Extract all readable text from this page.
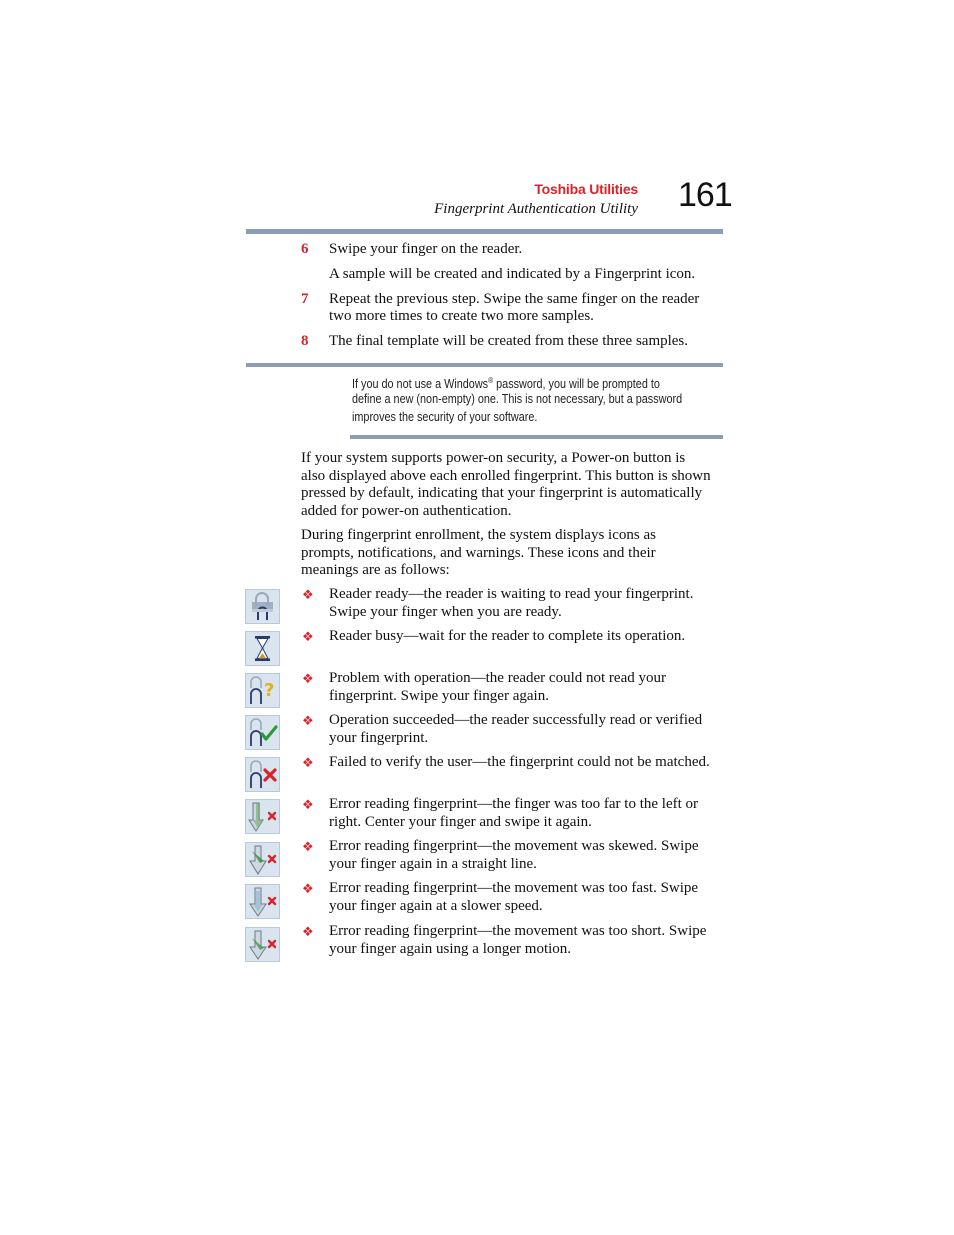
Toshiba Utilities
Fingerprint Authentication Utility 161
6 Swipe your finger on the reader.
A sample will be created and indicated by a Fingerprint icon.
7 Repeat the previous step. Swipe the same finger on the reader
two more times to create two more samples.
8 The final template will be created from these three samples.
If you do not use a Windows® password, you will be prompted to
define a new (non-empty) one. This is not necessary, but a password
improves the security of your software.
If your system supports power-on security, a Power-on button is
also displayed above each enrolled fingerprint. This button is shown
pressed by default, indicating that your fingerprint is automatically
added for power-on authentication.
During fingerprint enrollment, the system displays icons as
prompts, notifications, and warnings. These icons and their
meanings are as follows:
❖ Reader ready—the reader is waiting to read your fingerprint.
Swipe your finger when you are ready.
❖ Reader busy—wait for the reader to complete its operation.
?
❖ Problem with operation—the reader could not read your
fingerprint. Swipe your finger again.
❖ Operation succeeded—the reader successfully read or verified
your fingerprint.
❖ Failed to verify the user—the fingerprint could not be matched.
❖ Error reading fingerprint—the finger was too far to the left or
right. Center your finger and swipe it again.
❖ Error reading fingerprint—the movement was skewed. Swipe
your finger again in a straight line.
❖ Error reading fingerprint—the movement was too fast. Swipe
your finger again at a slower speed.
❖ Error reading fingerprint—the movement was too short. Swipe
your finger again using a longer motion.
